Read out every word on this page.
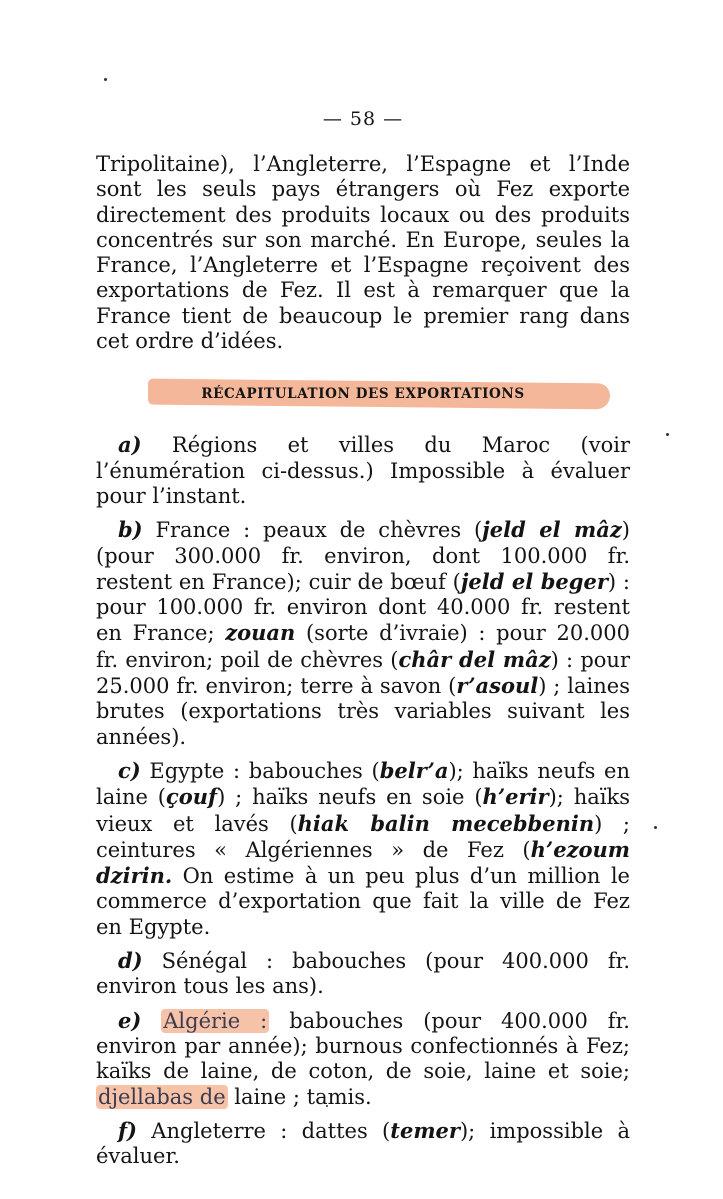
— 58 —

Tripolitaine), l’Angleterre, l’Espagne et l’Inde sont les seuls pays étrangers où Fez exporte directement des produits locaux ou des produits concentrés sur son marché. En Europe, seules la France, l’Angleterre et l’Espagne reçoivent des exportations de Fez. Il est à remarquer que la France tient de beaucoup le premier rang dans cet ordre d’idées.

RÉCAPITULATION DES EXPORTATIONS

a) Régions et villes du Maroc (voir l’énumération ci-dessus.) Impossible à évaluer pour l’instant.

b) France : peaux de chèvres (jeld el mâz) (pour 300.000 fr. environ, dont 100.000 fr. restent en France); cuir de bœuf (jeld el beger) : pour 100.000 fr. environ dont 40.000 fr. restent en France; zouan (sorte d’ivraie) : pour 20.000 fr. environ; poil de chèvres (châr del mâz) : pour 25.000 fr. environ; terre à savon (r’asoul) ; laines brutes (exportations très variables suivant les années).

c) Egypte : babouches (belr’a); haïks neufs en laine (çouf) ; haïks neufs en soie (h’erir); haïks vieux et lavés (hiak balin mecebbenin) ; ceintures « Algériennes » de Fez (h’ezoum dzirin. On estime à un peu plus d’un million le commerce d’exportation que fait la ville de Fez en Egypte.

d) Sénégal : babouches (pour 400.000 fr. environ tous les ans).

e) Algérie : babouches (pour 400.000 fr. environ par année); burnous confectionnés à Fez; kaïks de laine, de coton, de soie, laine et soie; djellabas de laine ; tamis.

f) Angleterre : dattes (temer); impossible à évaluer.
